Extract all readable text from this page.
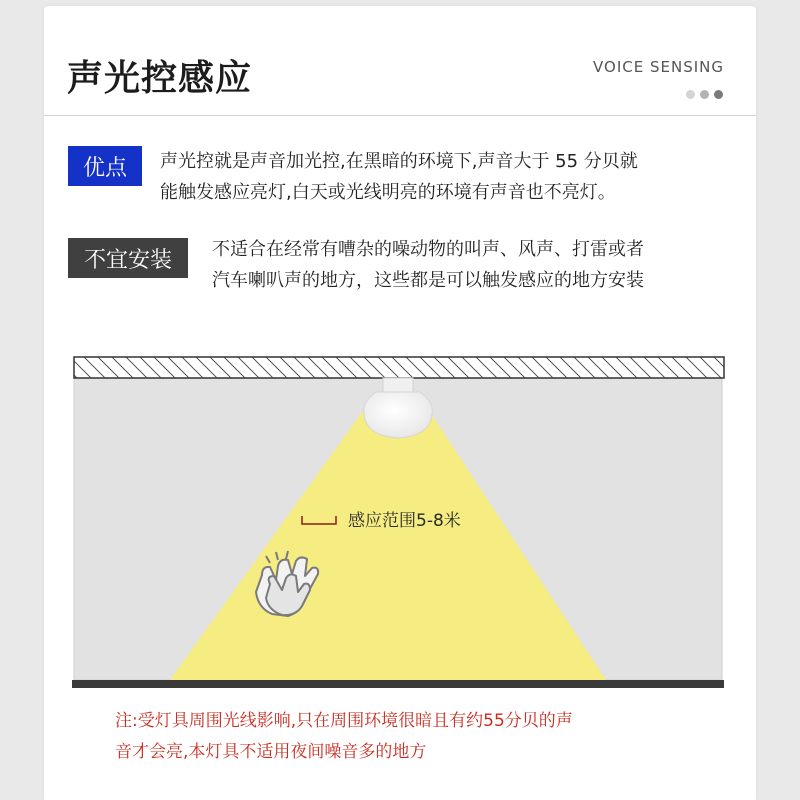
声光控感应	VOICE SENSING
优点	声光控就是声音加光控,在黑暗的环境下,声音大于 55 分贝就
能触发感应亮灯,白天或光线明亮的环境有声音也不亮灯。
不宜安装	不适合在经常有嘈杂的噪动物的叫声、风声、打雷或者
汽车喇叭声的地方，这些都是可以触发感应的地方安装
感应范围5-8米
注:受灯具周围光线影响,只在周围环境很暗且有约55分贝的声
音才会亮,本灯具不适用夜间噪音多的地方
